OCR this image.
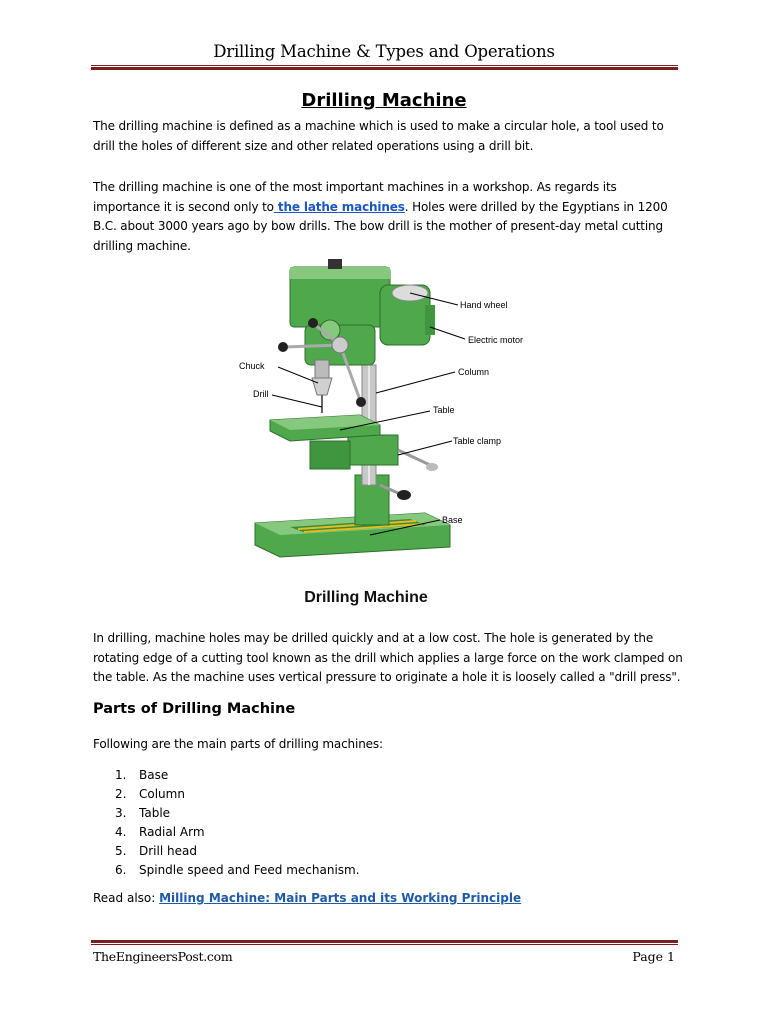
Drilling Machine & Types and Operations
Drilling Machine

The drilling machine is defined as a machine which is used to make a circular hole, a tool used to drill the holes of different size and other related operations using a drill bit.

The drilling machine is one of the most important machines in a workshop. As regards its importance it is second only to the lathe machines. Holes were drilled by the Egyptians in 1200 B.C. about 3000 years ago by bow drills. The bow drill is the mother of present-day metal cutting drilling machine.

Hand wheel
Electric motor
Column
Chuck
Drill
Table
Table clamp
Base
Drilling Machine

In drilling, machine holes may be drilled quickly and at a low cost. The hole is generated by the rotating edge of a cutting tool known as the drill which applies a large force on the work clamped on the table. As the machine uses vertical pressure to originate a hole it is loosely called a "drill press".

Parts of Drilling Machine
Following are the main parts of drilling machines:
1. Base
2. Column
3. Table
4. Radial Arm
5. Drill head
6. Spindle speed and Feed mechanism.
Read also: Milling Machine: Main Parts and its Working Principle
TheEngineersPost.com	Page 1
